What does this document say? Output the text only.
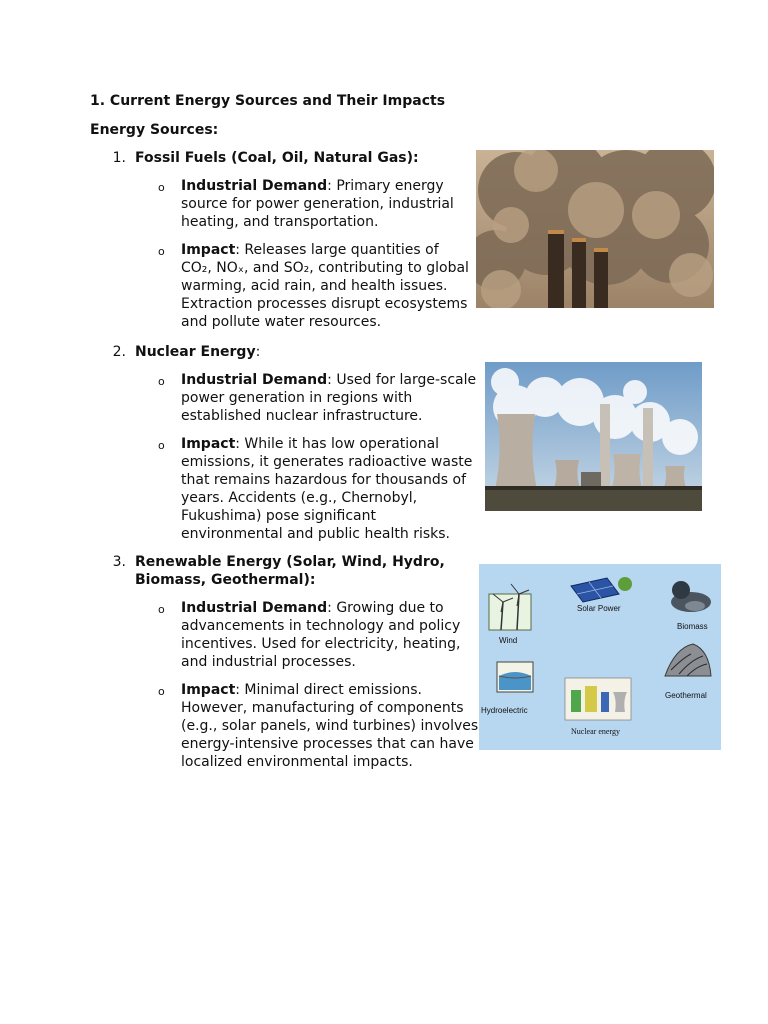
1. Current Energy Sources and Their Impacts
Energy Sources:
1. Fossil Fuels (Coal, Oil, Natural Gas):
o Industrial Demand: Primary energy source for power generation, industrial heating, and transportation.
o Impact: Releases large quantities of CO₂, NOₓ, and SO₂, contributing to global warming, acid rain, and health issues. Extraction processes disrupt ecosystems and pollute water resources.
2. Nuclear Energy:
o Industrial Demand: Used for large-scale power generation in regions with established nuclear infrastructure.
o Impact: While it has low operational emissions, it generates radioactive waste that remains hazardous for thousands of years. Accidents (e.g., Chernobyl, Fukushima) pose significant environmental and public health risks.
3. Renewable Energy (Solar, Wind, Hydro,
Biomass, Geothermal):
o Industrial Demand: Growing due to advancements in technology and policy incentives. Used for electricity, heating, and industrial processes.
o Impact: Minimal direct emissions. However, manufacturing of components (e.g., solar panels, wind turbines) involves energy-intensive processes that can have localized environmental impacts.
Wind
Solar Power
Biomass
Geothermal
Hydroelectric
Nuclear energy
